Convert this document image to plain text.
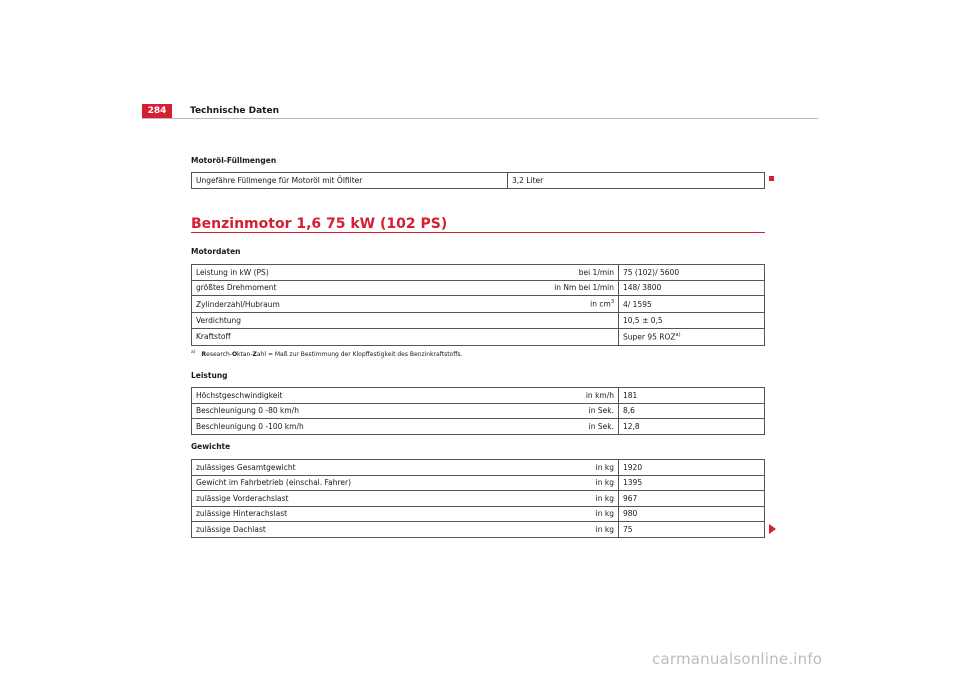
284	Technische Daten
Motoröl-Füllmengen
Ungefähre Füllmenge für Motoröl mit Ölfilter	3,2 Liter
Benzinmotor 1,6 75 kW (102 PS)
Motordaten
Leistung in kW (PS)	bei 1/min	75 (102)/ 5600
größtes Drehmoment	in Nm bei 1/min	148/ 3800
Zylinderzahl/Hubraum	in $cm^3$	4/ 1595
Verdichtung		10,5 ± 0,5
Kraftstoff		Super 95 ROZ$^{a)}$
$^{a)}$ Research-Oktan-Zahl = Maß zur Bestimmung der Klopffestigkeit des Benzinkraftstoffs.
Leistung
Höchstgeschwindigkeit	in km/h	181
Beschleunigung 0 -80 km/h	in Sek.	8,6
Beschleunigung 0 -100 km/h	in Sek.	12,8
Gewichte
zulässiges Gesamtgewicht	in kg	1920
Gewicht im Fahrbetrieb (einschal. Fahrer)	in kg	1395
zulässige Vorderachslast	in kg	967
zulässige Hinterachslast	in kg	980
zulässige Dachlast	in kg	75
carmanualsonline.info
